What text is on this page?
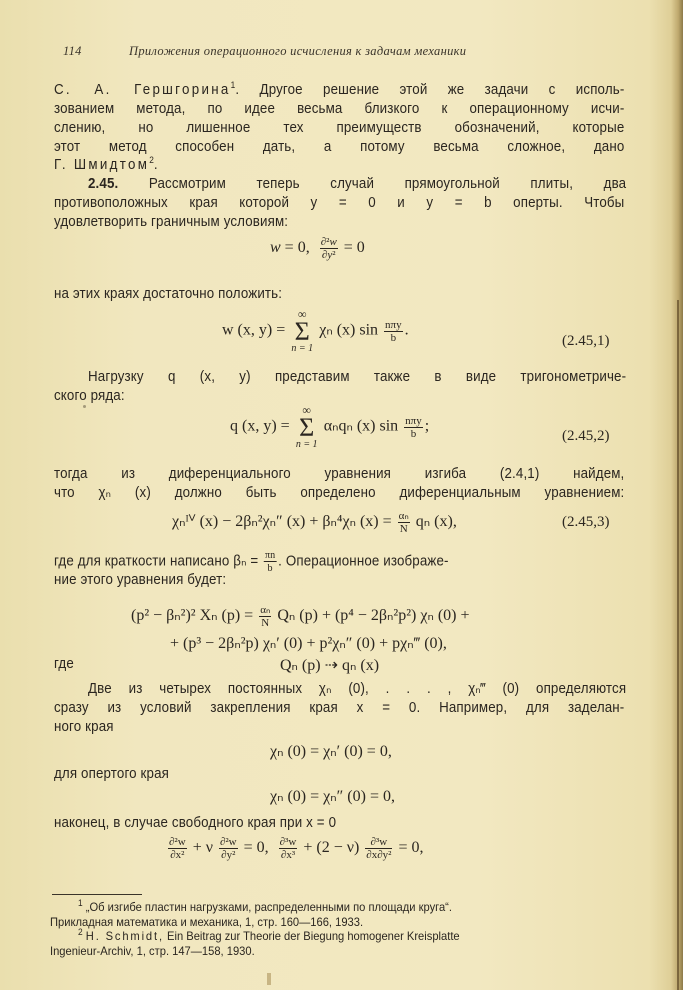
114	Приложения операционного исчисления к задачам механики
С. А. Гершгорина$^1$. Другое решение этой же задачи с исполь-
зованием метода, по идее весьма близкого к операционному исчи-
слению, но лишенное тех преимуществ обозначений, которые
этот метод способен дать, а потому весьма сложное, дано
Г. Шмидтом$^2$.
2.45. Рассмотрим теперь случай прямоугольной плиты, два
противоположных края которой y = 0 и y = b оперты. Чтобы
удовлетворить граничным условиям:
w = 0, $\frac{\text{∂²w}}{\text{∂y²}} = 0$
на этих краях достаточно положить:
w (x, y) =
∞
Σ
n = 1
χₙ (x) $\sin \frac{\text{nπy}}{b}$ .
(2.45,1)
Нагрузку q (x, y) представим также в виде тригонометриче-
ского ряда:
q (x, y) =
∞
Σ
n = 1
αₙqₙ (x) $\sin \frac{\text{nπy}}{b}$ ;
(2.45,2)
тогда из диференциального уравнения изгиба (2.4,1) найдем,
что χₙ (x) должно быть определено диференциальным уравнением:
χₙᴵⱽ (x) − 2βₙ²χₙ″ (x) + βₙ⁴χₙ $(x) = \frac{\text{αₙ}}{N}$ qₙ (x),	(2.45,3)
где для краткости написано $\beta_n = \frac{\pi n}{b}$ . Операционное изображе-
ние этого уравнения будет:
(p² − βₙ²)² Xₙ $(p) = \frac{\text{αₙ}}{N}$ Qₙ (p) + (p⁴ − 2βₙ²p²) χₙ (0) +
+ (p³ − 2βₙ²p) χₙ′ (0) + p²χₙ″ (0) + pχₙ‴ (0),
где	Qₙ (p) ⇢ qₙ (x)
Две из четырех постоянных χₙ (0), . . . , χₙ‴ (0) определяются
сразу из условий закрепления края x = 0. Например, для заделан-
ного края
χₙ (0) = χₙ′ (0) = 0,
для опертого края
χₙ (0) = χₙ″ (0) = 0,
наконец, в случае свободного края при x = 0
$\frac{\text{∂²w}}{\text{∂x²}} + \nu \frac{\text{∂²w}}{\text{∂y²}} = 0$, $\frac{\text{∂³w}}{\text{∂x³}} + (2 - \nu) \frac{\text{∂³w}}{\text{∂x∂y²}} = 0$,
$^1$ „Об изгибе пластин нагрузками, распределенными по площади круга“.
Прикладная математика и механика, 1, стр. 160—166, 1933.
$^2$ H. Schmidt, Ein Beitrag zur Theorie der Biegung homogener Kreisplatte
Ingenieur-Archiv, 1, стр. 147—158, 1930.
